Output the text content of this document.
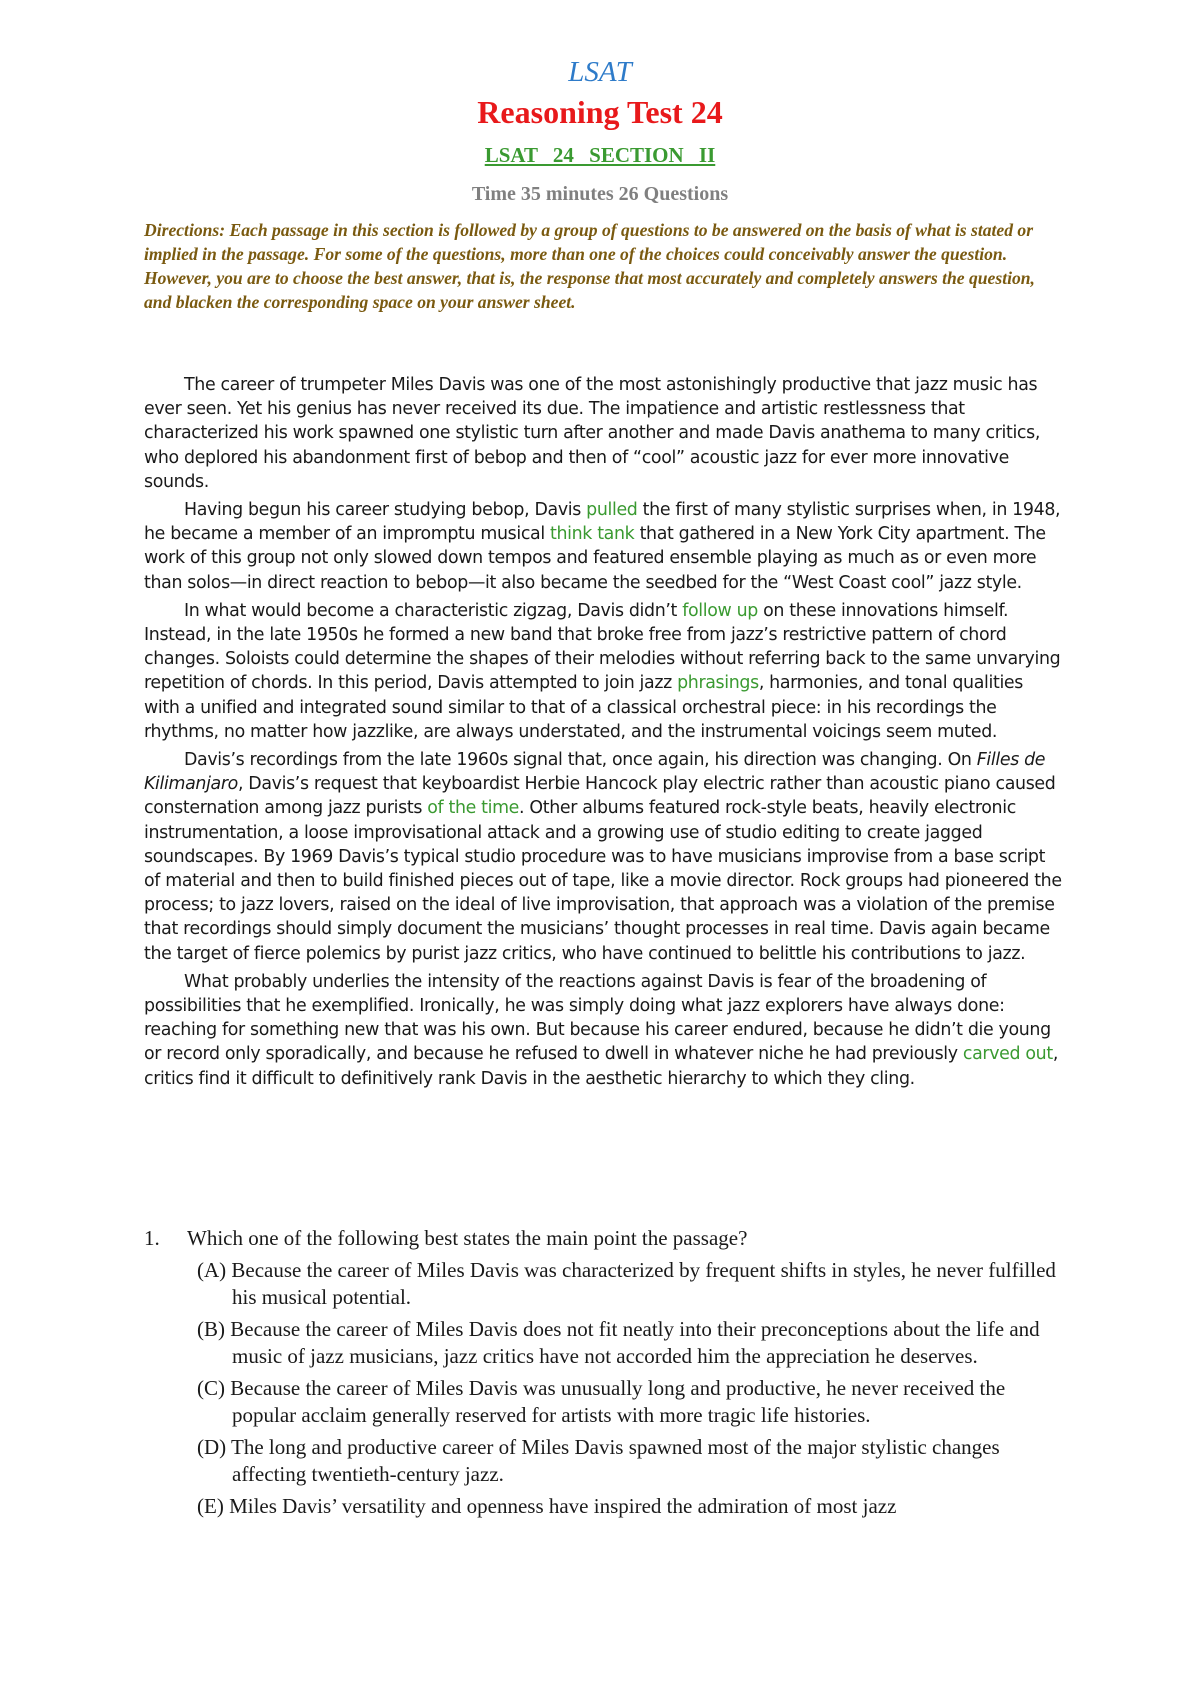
LSAT
Reasoning Test 24
LSAT 24 SECTION II
Time 35 minutes 26 Questions
Directions: Each passage in this section is followed by a group of questions to be answered on the basis of what is stated or implied in the passage. For some of the questions, more than one of the choices could conceivably answer the question. However, you are to choose the best answer, that is, the response that most accurately and completely answers the question, and blacken the corresponding space on your answer sheet.

The career of trumpeter Miles Davis was one of the most astonishingly productive that jazz music has ever seen. Yet his genius has never received its due. The impatience and artistic restlessness that characterized his work spawned one stylistic turn after another and made Davis anathema to many critics, who deplored his abandonment first of bebop and then of “cool” acoustic jazz for ever more innovative sounds.

Having begun his career studying bebop, Davis pulled the first of many stylistic surprises when, in 1948, he became a member of an impromptu musical think tank that gathered in a New York City apartment. The work of this group not only slowed down tempos and featured ensemble playing as much as or even more than solos—in direct reaction to bebop—it also became the seedbed for the “West Coast cool” jazz style.

In what would become a characteristic zigzag, Davis didn’t follow up on these innovations himself. Instead, in the late 1950s he formed a new band that broke free from jazz’s restrictive pattern of chord changes. Soloists could determine the shapes of their melodies without referring back to the same unvarying repetition of chords. In this period, Davis attempted to join jazz phrasings, harmonies, and tonal qualities with a unified and integrated sound similar to that of a classical orchestral piece: in his recordings the rhythms, no matter how jazzlike, are always understated, and the instrumental voicings seem muted.

Davis’s recordings from the late 1960s signal that, once again, his direction was changing. On Filles de Kilimanjaro, Davis’s request that keyboardist Herbie Hancock play electric rather than acoustic piano caused consternation among jazz purists of the time. Other albums featured rock-style beats, heavily electronic instrumentation, a loose improvisational attack and a growing use of studio editing to create jagged soundscapes. By 1969 Davis’s typical studio procedure was to have musicians improvise from a base script of material and then to build finished pieces out of tape, like a movie director. Rock groups had pioneered the process; to jazz lovers, raised on the ideal of live improvisation, that approach was a violation of the premise that recordings should simply document the musicians’ thought processes in real time. Davis again became the target of fierce polemics by purist jazz critics, who have continued to belittle his contributions to jazz.

What probably underlies the intensity of the reactions against Davis is fear of the broadening of possibilities that he exemplified. Ironically, he was simply doing what jazz explorers have always done: reaching for something new that was his own. But because his career endured, because he didn’t die young or record only sporadically, and because he refused to dwell in whatever niche he had previously carved out, critics find it difficult to definitively rank Davis in the aesthetic hierarchy to which they cling.

1. Which one of the following best states the main point the passage?
(A) Because the career of Miles Davis was characterized by frequent shifts in styles, he never fulfilled his musical potential.
(B) Because the career of Miles Davis does not fit neatly into their preconceptions about the life and music of jazz musicians, jazz critics have not accorded him the appreciation he deserves.
(C) Because the career of Miles Davis was unusually long and productive, he never received the popular acclaim generally reserved for artists with more tragic life histories.
(D) The long and productive career of Miles Davis spawned most of the major stylistic changes affecting twentieth-century jazz.
(E) Miles Davis’ versatility and openness have inspired the admiration of most jazz
